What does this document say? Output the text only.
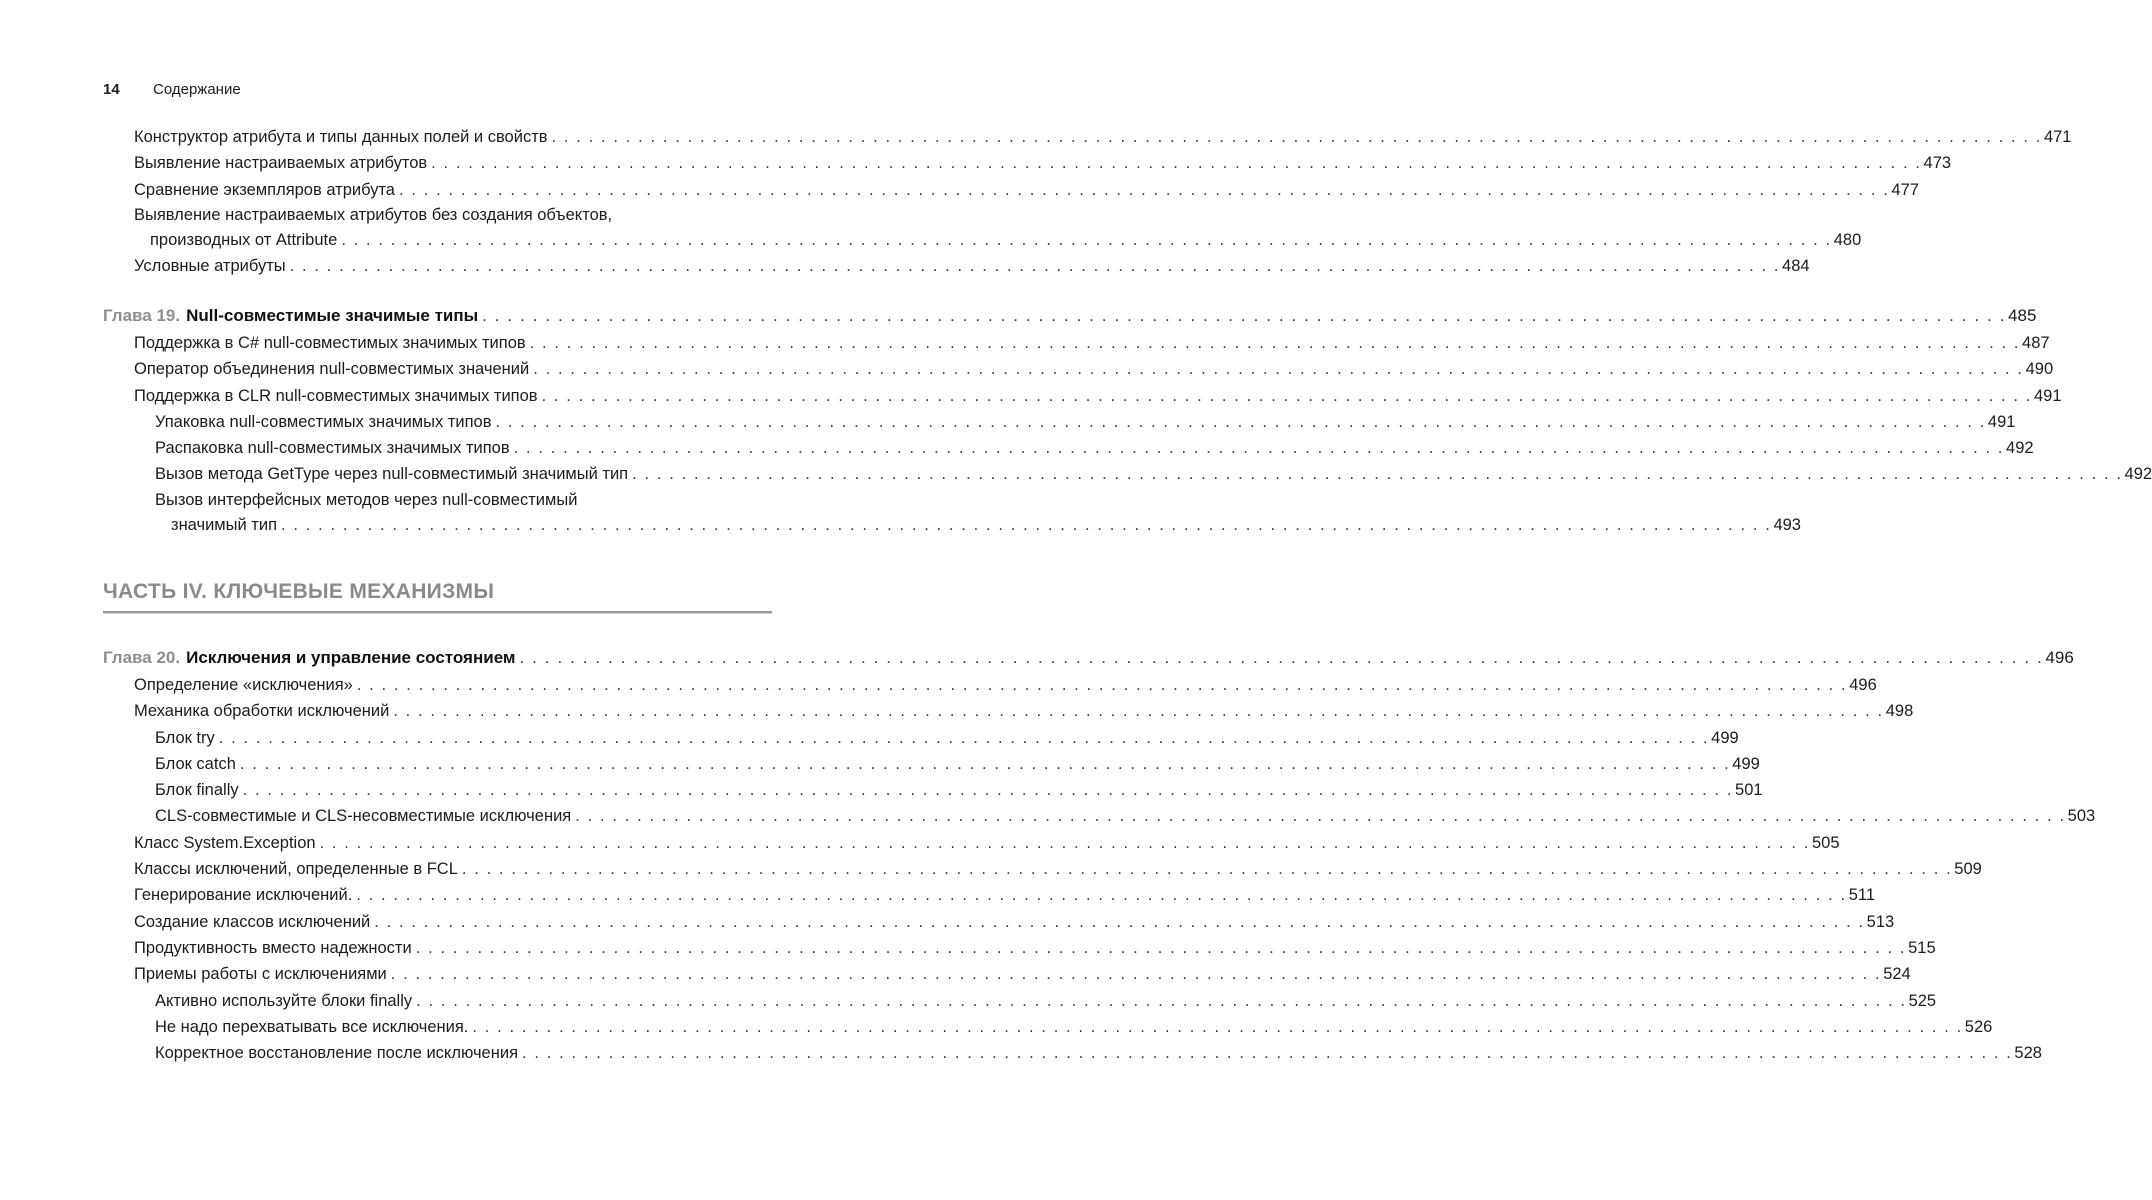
14 Содержание
Конструктор атрибута и типы данных полей и свойств . . .	471
Выявление настраиваемых атрибутов . . .	473
Сравнение экземпляров атрибута . . .	477
Выявление настраиваемых атрибутов без создания объектов,
производных от Attribute . . .	480
Условные атрибуты . . .	484
Глава 19. Null-совместимые значимые типы . . .	485
Поддержка в C# null-совместимых значимых типов . . .	487
Оператор объединения null-совместимых значений . . .	490
Поддержка в CLR null-совместимых значимых типов . . .	491
Упаковка null-совместимых значимых типов . . .	491
Распаковка null-совместимых значимых типов . . .	492
Вызов метода GetType через null-совместимый значимый тип . . .	492
Вызов интерфейсных методов через null-совместимый
значимый тип . . .	493
ЧАСТЬ IV. КЛЮЧЕВЫЕ МЕХАНИЗМЫ
Глава 20. Исключения и управление состоянием . . .	496
Определение «исключения» . . .	496
Механика обработки исключений . . .	498
Блок try . . .	499
Блок catch . . .	499
Блок finally . . .	501
CLS-совместимые и CLS-несовместимые исключения . . .	503
Класс System.Exception . . .	505
Классы исключений, определенные в FCL . . .	509
Генерирование исключений. . . .	511
Создание классов исключений . . .	513
Продуктивность вместо надежности . . .	515
Приемы работы с исключениями . . .	524
Активно используйте блоки finally . . .	525
Не надо перехватывать все исключения. . . .	526
Корректное восстановление после исключения . . .	528
